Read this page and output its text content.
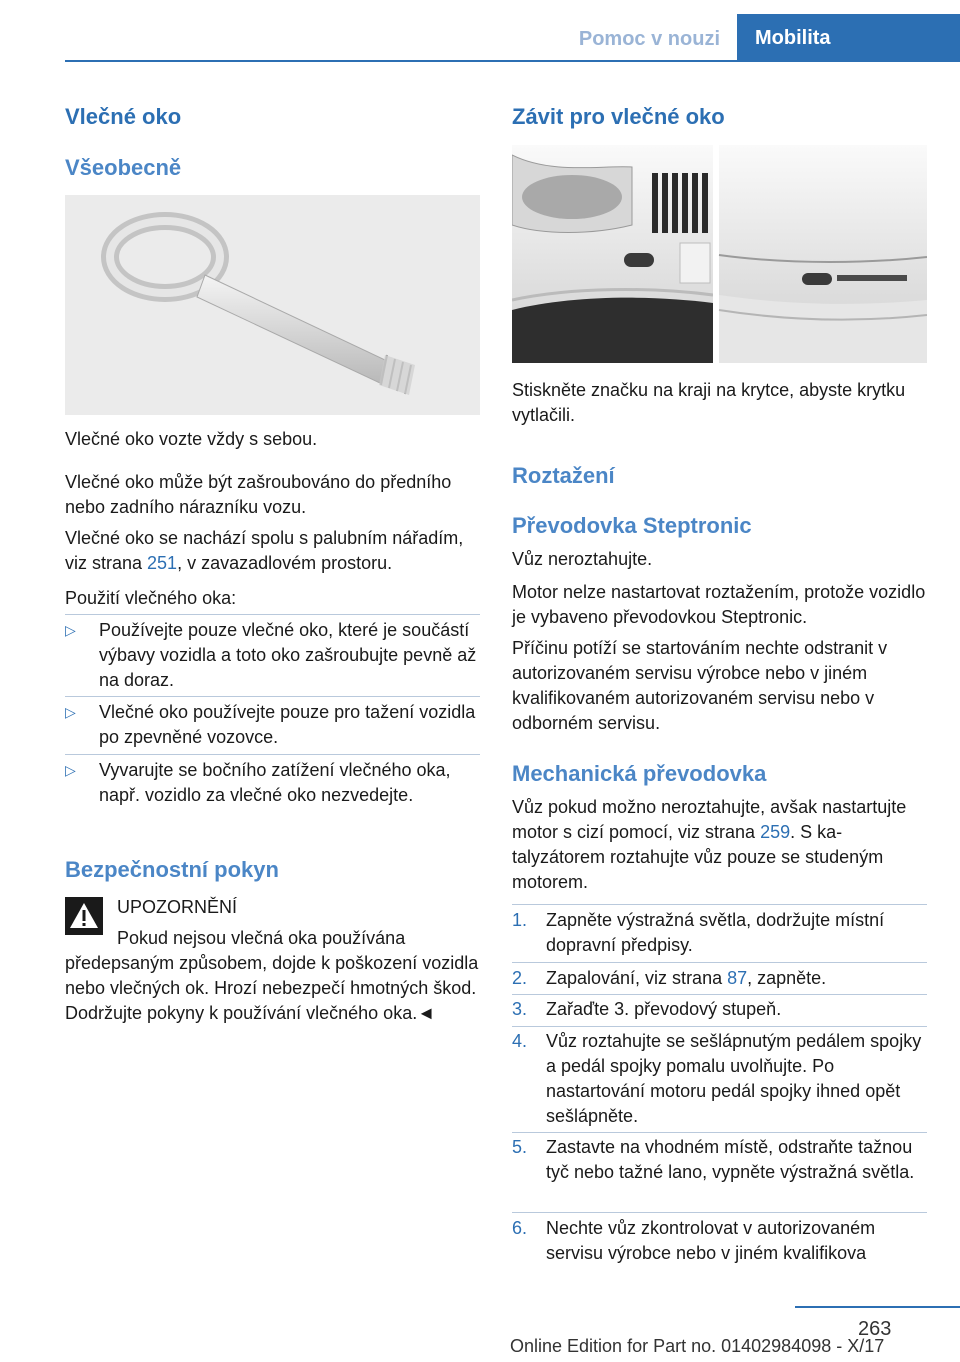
Pomoc v nouzi Mobilita
Vlečné oko
Všeobecně
Vlečné oko vozte vždy s sebou.
Vlečné oko může být zašroubováno do předního nebo zadního nárazníku vozu.
Vlečné oko se nachází spolu s palubním nářadím, viz strana 251, v zavazadlovém prostoru.
Použití vlečného oka:
▷ Používejte pouze vlečné oko, které je součástí výbavy vozidla a toto oko zašroubujte pevně až na doraz.
▷ Vlečné oko používejte pouze pro tažení vozidla po zpevněné vozovce.
▷ Vyvarujte se bočního zatížení vlečného oka, např. vozidlo za vlečné oko nezvedejte.
Bezpečnostní pokyn
UPOZORNĚNÍ
Pokud nejsou vlečná oka používána předepsaným způsobem, dojde k poškození vozidla nebo vlečných ok. Hrozí nebezpečí hmotných škod. Dodržujte pokyny k používání vlečného oka.◄
Závit pro vlečné oko
Stiskněte značku na kraji na krytce, abyste krytku vytlačili.
Roztažení
Převodovka Steptronic
Vůz neroztahujte.
Motor nelze nastartovat roztažením, protože vozidlo je vybaveno převodovkou Steptronic.
Příčinu potíží se startováním nechte odstranit v autorizovaném servisu výrobce nebo v jiném kvalifikovaném autorizovaném servisu nebo v odborném servisu.
Mechanická převodovka
Vůz pokud možno neroztahujte, avšak nastartujte motor s cizí pomocí, viz strana 259. S katalyzátorem roztahujte vůz pouze se studeným motorem.
1. Zapněte výstražná světla, dodržujte místní dopravní předpisy.
2. Zapalování, viz strana 87, zapněte.
3. Zařaďte 3. převodový stupeň.
4. Vůz roztahujte se sešlápnutým pedálem spojky a pedál spojky pomalu uvolňujte. Po nastartování motoru pedál spojky ihned opět sešlápněte.
5. Zastavte na vhodném místě, odstraňte tažnou tyč nebo tažné lano, vypněte výstražná světla.
6. Nechte vůz zkontrolovat v autorizovaném servisu výrobce nebo v jiném kvalifikova
263
Online Edition for Part no. 01402984098 - X/17
